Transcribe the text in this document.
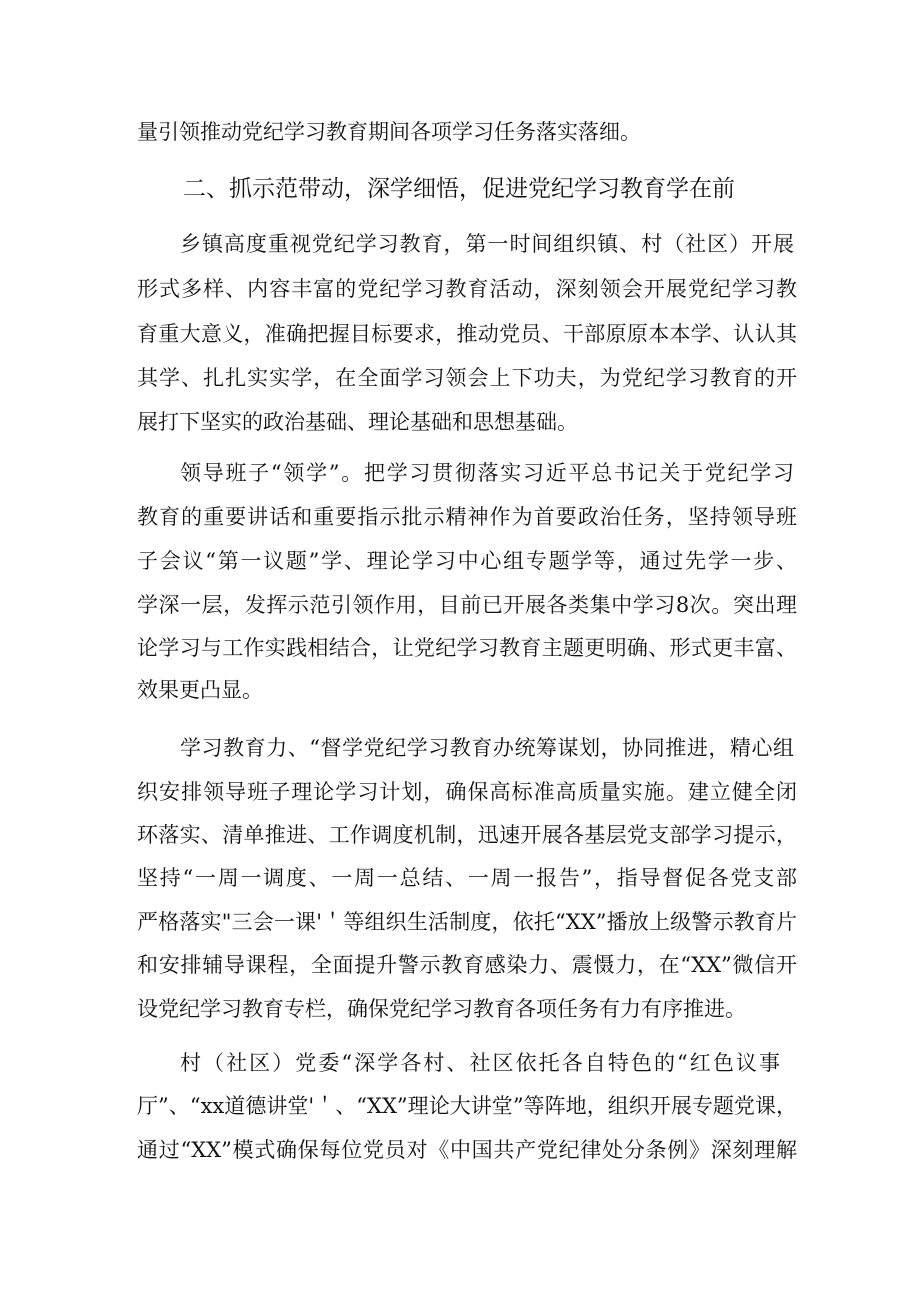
量引领推动党纪学习教育期间各项学习任务落实落细。
二、抓示范带动，深学细悟，促进党纪学习教育学在前
乡镇高度重视党纪学习教育，第一时间组织镇、村（社区）开展
形式多样、内容丰富的党纪学习教育活动，深刻领会开展党纪学习教
育重大意义，准确把握目标要求，推动党员、干部原原本本学、认认其
其学、扎扎实实学，在全面学习领会上下功夫，为党纪学习教育的开
展打下坚实的政治基础、理论基础和思想基础。
领导班子“领学”。把学习贯彻落实习近平总书记关于党纪学习
教育的重要讲话和重要指示批示精神作为首要政治任务，坚持领导班
子会议“第一议题”学、理论学习中心组专题学等，通过先学一步、
学深一层，发挥示范引领作用，目前已开展各类集中学习8次。突出理
论学习与工作实践相结合，让党纪学习教育主题更明确、形式更丰富、
效果更凸显。
学习教育力、“督学党纪学习教育办统筹谋划，协同推进，精心组
织安排领导班子理论学习计划，确保高标准高质量实施。建立健全闭
环落实、清单推进、工作调度机制，迅速开展各基层党支部学习提示，
坚持“一周一调度、一周一总结、一周一报告”，指导督促各党支部
严格落实"三会一课'＇等组织生活制度，依托“XX”播放上级警示教育片
和安排辅导课程，全面提升警示教育感染力、震慑力，在“XX”微信开
设党纪学习教育专栏，确保党纪学习教育各项任务有力有序推进。
村（社区）党委“深学各村、社区依托各自特色的“红色议事
厅”、“xx道德讲堂'＇、“XX”理论大讲堂”等阵地，组织开展专题党课，
通过“XX”模式确保每位党员对《中国共产党纪律处分条例》深刻理解
